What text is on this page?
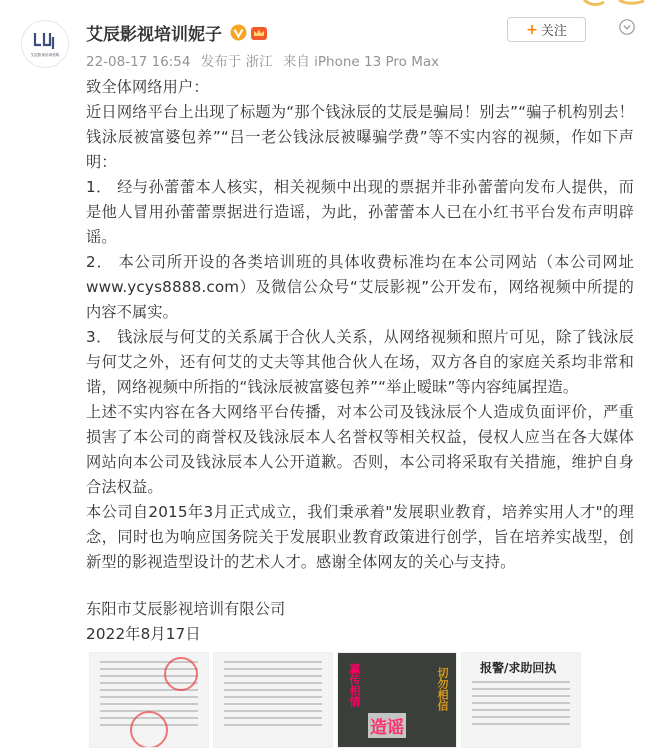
艾辰影视培训机构
艾辰影视培训妮子
22-08-17 16:54 发布于 浙江 来自 iPhone 13 Pro Max
+ 关注

致全体网络用户：

近日网络平台上出现了标题为“那个钱泳辰的艾辰是骗局！别去”“骗子机构别去！钱泳辰被富婆包养”“吕一老公钱泳辰被曝骗学费”等不实内容的视频，作如下声明：

1． 经与孙蕾蕾本人核实，相关视频中出现的票据并非孙蕾蕾向发布人提供，而是他人冒用孙蕾蕾票据进行造谣，为此，孙蕾蕾本人已在小红书平台发布声明辟谣。

2． 本公司所开设的各类培训班的具体收费标准均在本公司网站（本公司网址www.ycys8888.com）及微信公众号“艾辰影视”公开发布，网络视频中所提的内容不属实。

3． 钱泳辰与何艾的关系属于合伙人关系，从网络视频和照片可见，除了钱泳辰与何艾之外，还有何艾的丈夫等其他合伙人在场，双方各自的家庭关系均非常和谐，网络视频中所指的“钱泳辰被富婆包养”“举止暧昧”等内容纯属捏造。

上述不实内容在各大网络平台传播，对本公司及钱泳辰个人造成负面评价，严重损害了本公司的商誉权及钱泳辰本人名誉权等相关权益，侵权人应当在各大媒体网站向本公司及钱泳辰本人公开道歉。否则，本公司将采取有关措施，维护自身合法权益。

本公司自2015年3月正式成立，我们秉承着"发展职业教育，培养实用人才"的理念，同时也为响应国务院关于发展职业教育政策进行创学，旨在培养实战型，创新型的影视造型设计的艺术人才。感谢全体网友的关心与支持。

东阳市艾辰影视培训有限公司

2022年8月17日

赢传相情
造谣
切勿相信	报警/求助回执
